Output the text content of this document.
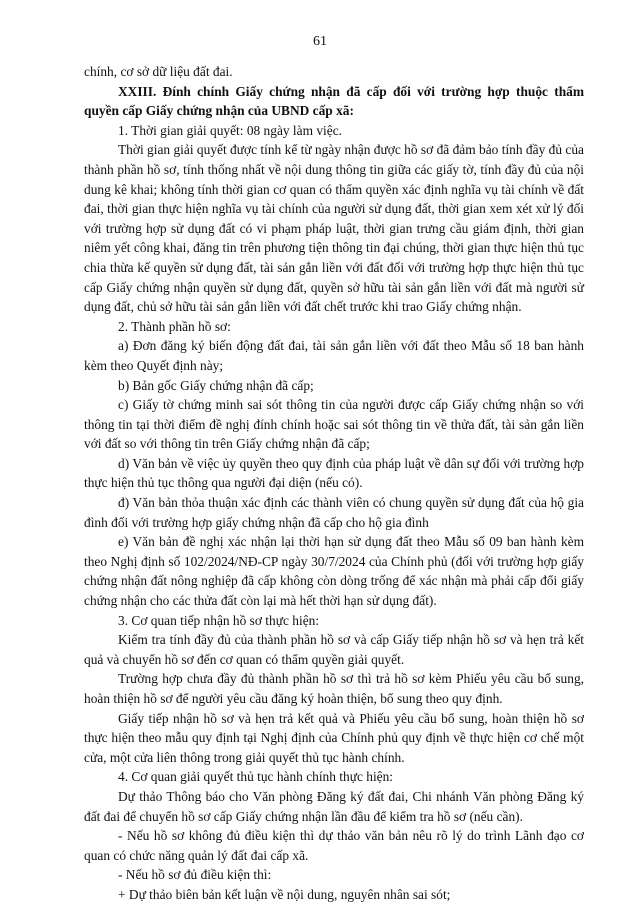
61

chính, cơ sở dữ liệu đất đai.

XXIII. Đính chính Giấy chứng nhận đã cấp đối với trường hợp thuộc thẩm quyền cấp Giấy chứng nhận của UBND cấp xã:

1. Thời gian giải quyết: 08 ngày làm việc.

Thời gian giải quyết được tính kể từ ngày nhận được hồ sơ đã đảm bảo tính đầy đủ của thành phần hồ sơ, tính thống nhất về nội dung thông tin giữa các giấy tờ, tính đầy đủ của nội dung kê khai; không tính thời gian cơ quan có thẩm quyền xác định nghĩa vụ tài chính về đất đai, thời gian thực hiện nghĩa vụ tài chính của người sử dụng đất, thời gian xem xét xử lý đối với trường hợp sử dụng đất có vi phạm pháp luật, thời gian trưng cầu giám định, thời gian niêm yết công khai, đăng tin trên phương tiện thông tin đại chúng, thời gian thực hiện thủ tục chia thừa kế quyền sử dụng đất, tài sản gắn liền với đất đối với trường hợp thực hiện thủ tục cấp Giấy chứng nhận quyền sử dụng đất, quyền sở hữu tài sản gắn liền với đất mà người sử dụng đất, chủ sở hữu tài sản gắn liền với đất chết trước khi trao Giấy chứng nhận.

2. Thành phần hồ sơ:

a) Đơn đăng ký biến động đất đai, tài sản gắn liền với đất theo Mẫu số 18 ban hành kèm theo Quyết định này;

b) Bản gốc Giấy chứng nhận đã cấp;

c) Giấy tờ chứng minh sai sót thông tin của người được cấp Giấy chứng nhận so với thông tin tại thời điểm đề nghị đính chính hoặc sai sót thông tin về thửa đất, tài sản gắn liền với đất so với thông tin trên Giấy chứng nhận đã cấp;

d) Văn bản về việc ủy quyền theo quy định của pháp luật về dân sự đối với trường hợp thực hiện thủ tục thông qua người đại diện (nếu có).

đ) Văn bản thỏa thuận xác định các thành viên có chung quyền sử dụng đất của hộ gia đình đối với trường hợp giấy chứng nhận đã cấp cho hộ gia đình

e) Văn bản đề nghị xác nhận lại thời hạn sử dụng đất theo Mẫu số 09 ban hành kèm theo Nghị định số 102/2024/NĐ-CP ngày 30/7/2024 của Chính phủ (đối với trường hợp giấy chứng nhận đất nông nghiệp đã cấp không còn dòng trống để xác nhận mà phải cấp đổi giấy chứng nhận cho các thửa đất còn lại mà hết thời hạn sử dụng đất).

3. Cơ quan tiếp nhận hồ sơ thực hiện:

Kiểm tra tính đầy đủ của thành phần hồ sơ và cấp Giấy tiếp nhận hồ sơ và hẹn trả kết quả và chuyển hồ sơ đến cơ quan có thẩm quyền giải quyết.

Trường hợp chưa đầy đủ thành phần hồ sơ thì trả hồ sơ kèm Phiếu yêu cầu bổ sung, hoàn thiện hồ sơ để người yêu cầu đăng ký hoàn thiện, bổ sung theo quy định.

Giấy tiếp nhận hồ sơ và hẹn trả kết quả và Phiếu yêu cầu bổ sung, hoàn thiện hồ sơ thực hiện theo mẫu quy định tại Nghị định của Chính phủ quy định về thực hiện cơ chế một cửa, một cửa liên thông trong giải quyết thủ tục hành chính.

4. Cơ quan giải quyết thủ tục hành chính thực hiện:

Dự thảo Thông báo cho Văn phòng Đăng ký đất đai, Chi nhánh Văn phòng Đăng ký đất đai để chuyển hồ sơ cấp Giấy chứng nhận lần đầu để kiểm tra hồ sơ (nếu cần).

- Nếu hồ sơ không đủ điều kiện thì dự thảo văn bản nêu rõ lý do trình Lãnh đạo cơ quan có chức năng quản lý đất đai cấp xã.

- Nếu hồ sơ đủ điều kiện thì:

+ Dự thảo biên bản kết luận về nội dung, nguyên nhân sai sót;
